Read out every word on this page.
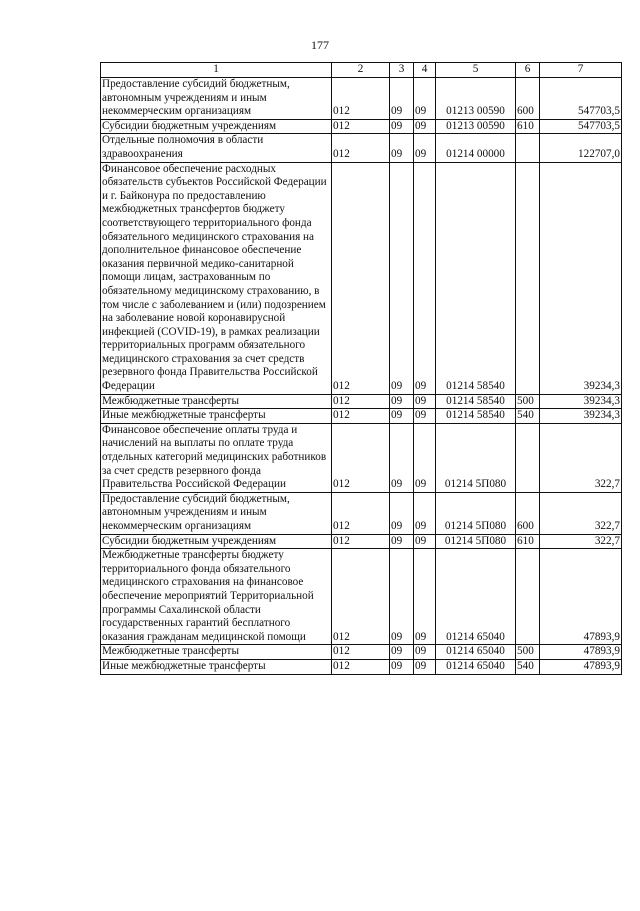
177
1	2	3	4	5	6	7
Предоставление субсидий бюджетным, автономным учреждениям и иным некоммерческим организациям	012	09	09	01213 00590	600	547703,5
Субсидии бюджетным учреждениям	012	09	09	01213 00590	610	547703,5
Отдельные полномочия в области здравоохранения	012	09	09	01214 00000		122707,0
Финансовое обеспечение расходных обязательств субъектов Российской Федерации и г. Байконура по предоставлению межбюджетных трансфертов бюджету соответствующего территориального фонда обязательного медицинского страхования на дополнительное финансовое обеспечение оказания первичной медико-санитарной помощи лицам, застрахованным по обязательному медицинскому страхованию, в том числе с заболеванием и (или) подозрением на заболевание новой коронавирусной инфекцией (COVID-19), в рамках реализации территориальных программ обязательного медицинского страхования за счет средств резервного фонда Правительства Российской Федерации	012	09	09	01214 58540		39234,3
Межбюджетные трансферты	012	09	09	01214 58540	500	39234,3
Иные межбюджетные трансферты	012	09	09	01214 58540	540	39234,3
Финансовое обеспечение оплаты труда и начислений на выплаты по оплате труда отдельных категорий медицинских работников за счет средств резервного фонда Правительства Российской Федерации	012	09	09	01214 5П080		322,7
Предоставление субсидий бюджетным, автономным учреждениям и иным некоммерческим организациям	012	09	09	01214 5П080	600	322,7
Субсидии бюджетным учреждениям	012	09	09	01214 5П080	610	322,7
Межбюджетные трансферты бюджету территориального фонда обязательного медицинского страхования на финансовое обеспечение мероприятий Территориальной программы Сахалинской области государственных гарантий бесплатного оказания гражданам медицинской помощи	012	09	09	01214 65040		47893,9
Межбюджетные трансферты	012	09	09	01214 65040	500	47893,9
Иные межбюджетные трансферты	012	09	09	01214 65040	540	47893,9
